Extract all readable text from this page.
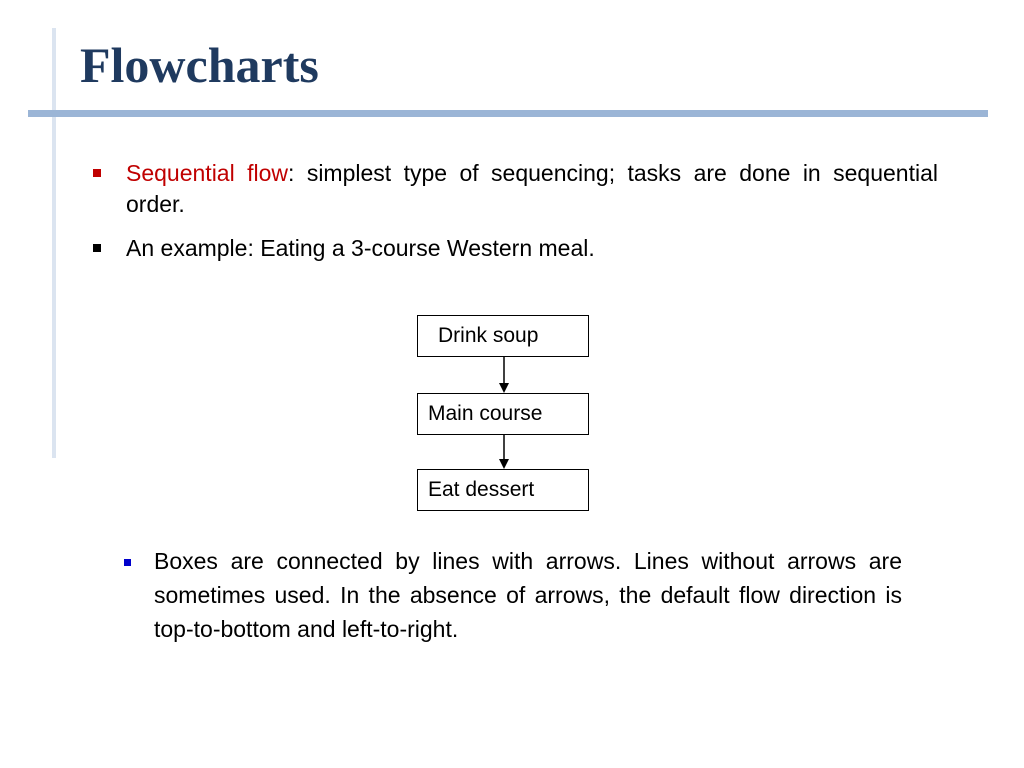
Flowcharts
Sequential flow: simplest type of sequencing; tasks are done in sequential order.
An example: Eating a 3-course Western meal.
Drink soup
Main course
Eat dessert
Boxes are connected by lines with arrows. Lines without arrows are sometimes used. In the absence of arrows, the default flow direction is top-to-bottom and left-to-right.
